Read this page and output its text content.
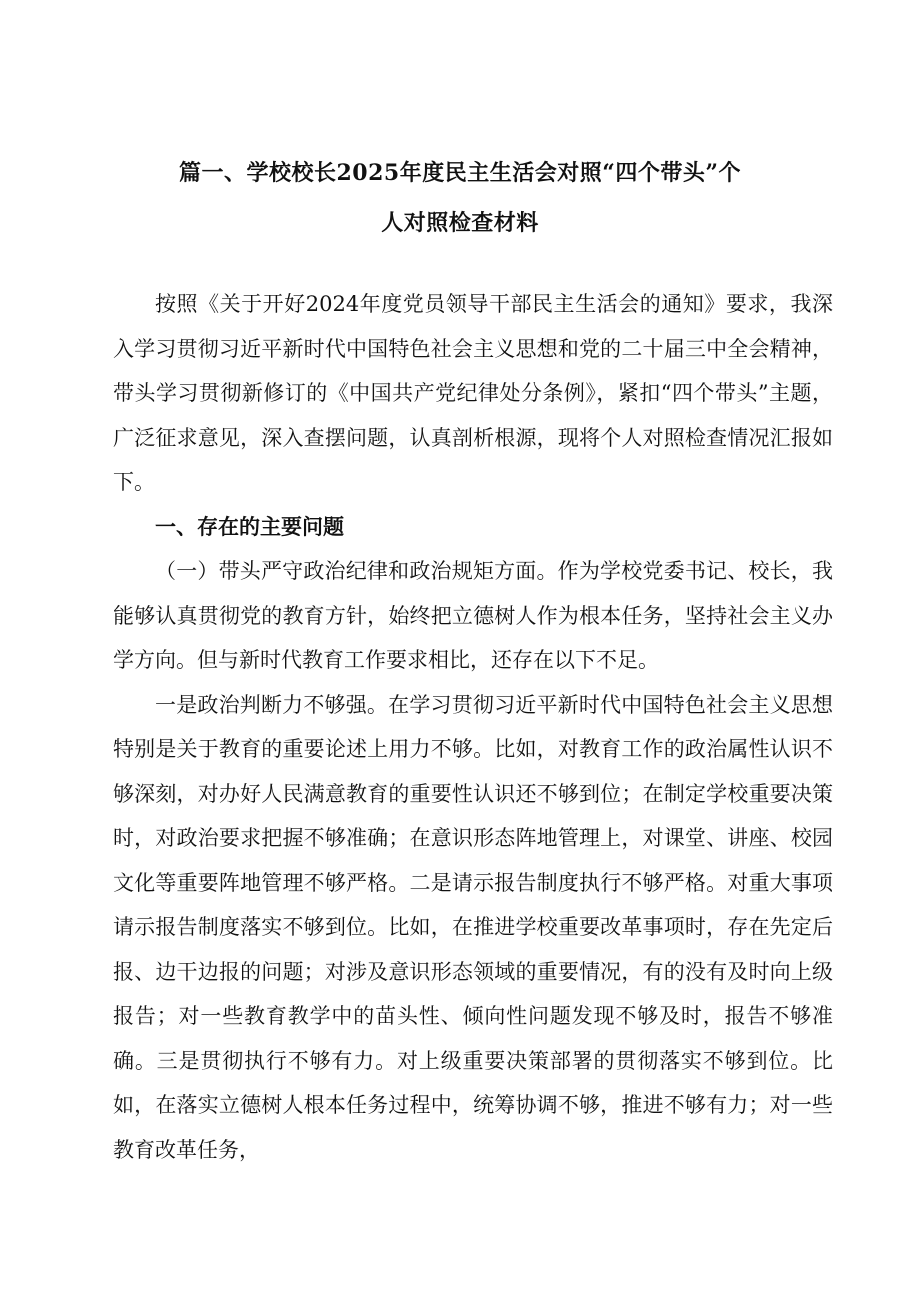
篇一、学校校长2025年度民主生活会对照“四个带头”个
人对照检查材料

按照《关于开好2024年度党员领导干部民主生活会的通知》要求，我深入学习贯彻习近平新时代中国特色社会主义思想和党的二十届三中全会精神，带头学习贯彻新修订的《中国共产党纪律处分条例》，紧扣“四个带头”主题，广泛征求意见，深入查摆问题，认真剖析根源，现将个人对照检查情况汇报如下。

一、存在的主要问题

（一）带头严守政治纪律和政治规矩方面。作为学校党委书记、校长，我能够认真贯彻党的教育方针，始终把立德树人作为根本任务，坚持社会主义办学方向。但与新时代教育工作要求相比，还存在以下不足。

一是政治判断力不够强。在学习贯彻习近平新时代中国特色社会主义思想特别是关于教育的重要论述上用力不够。比如，对教育工作的政治属性认识不够深刻，对办好人民满意教育的重要性认识还不够到位；在制定学校重要决策时，对政治要求把握不够准确；在意识形态阵地管理上，对课堂、讲座、校园文化等重要阵地管理不够严格。二是请示报告制度执行不够严格。对重大事项请示报告制度落实不够到位。比如，在推进学校重要改革事项时，存在先定后报、边干边报的问题；对涉及意识形态领域的重要情况，有的没有及时向上级报告；对一些教育教学中的苗头性、倾向性问题发现不够及时，报告不够准确。三是贯彻执行不够有力。对上级重要决策部署的贯彻落实不够到位。比如，在落实立德树人根本任务过程中，统筹协调不够，推进不够有力；对一些教育改革任务，
